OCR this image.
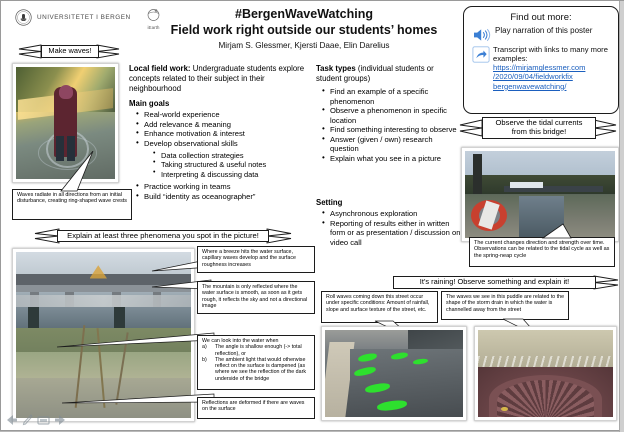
UNIVERSITETET I BERGEN
iEarth
#BergenWaveWatching
Field work right outside our students’ homes
Mirjam S. Glessmer, Kjersti Daae, Elin Darelius
Find out more:
Play narration of this poster
Transcript with links to many more examples:
https://mirjamglessmer.com
/2020/09/04/fieldworkfix
bergenwavewatching/
Make waves!
Waves radiate in all directions from an initial disturbance, creating ring-shaped wave crests
Local field work: Undergraduate students explore concepts related to their subject in their neighbourhood
Main goals
• Real-world experience
• Add relevance & meaning
• Enhance motivation & interest
• Develop observational skills
• Data collection strategies
• Taking structured & useful notes
• Interpreting & discussing data
• Practice working in teams
• Build “identity as oceanographer”
Task types (individual students or student groups)
• Find an example of a specific phenomenon
• Observe a phenomenon in specific location
• Find something interesting to observe
• Answer (given / own) research question
• Explain what you see in a picture
Setting
• Asynchronous exploration
• Reporting of results either in written form or as presentation / discussion on video call
Observe the tidal currents from this bridge!
The current changes direction and strength over time. Observations can be related to the tidal cycle as well as the spring-neap cycle
Explain at least three phenomena you spot in the picture!
Where a breeze hits the water surface, capillary waves develop and the surface roughness increases
The mountain is only reflected where the water surface is smooth, as soon as it gets rough, it reflects the sky and not a directional image
We can look into the water when
a)	The angle is shallow enough (-> total reflection), or
b)	The ambient light that would otherwise reflect on the surface is dampened (as where we see the reflection of the dark underside of the bridge
Reflections are deformed if there are waves on the surface
It’s raining! Observe something and explain it!
Roll waves coming down this street occur under specific conditions: Amount of rainfall, slope and surface texture of the street, etc.
The waves we see in this puddle are related to the shape of the storm drain in which the water is channelled away from the street
